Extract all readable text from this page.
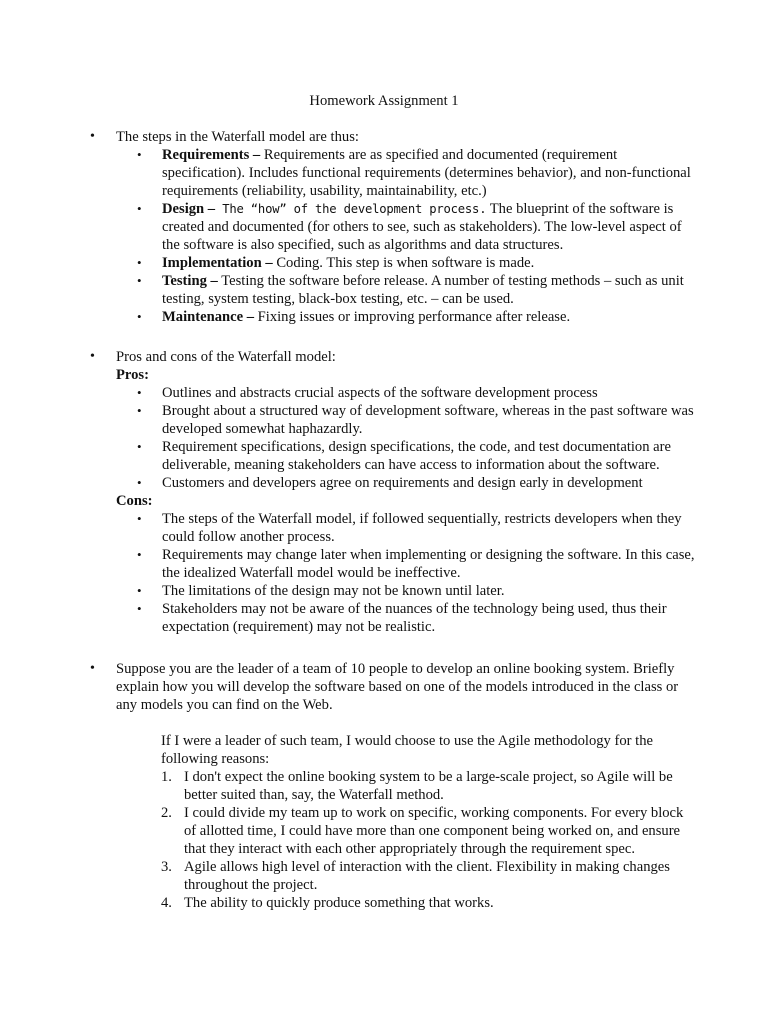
Homework Assignment 1
• The steps in the Waterfall model are thus:
• Requirements – Requirements are as specified and documented (requirement specification). Includes functional requirements (determines behavior), and non-functional requirements (reliability, usability, maintainability, etc.)
• Design – The “how” of the development process. The blueprint of the software is created and documented (for others to see, such as stakeholders). The low-level aspect of the software is also specified, such as algorithms and data structures.
• Implementation – Coding. This step is when software is made.
• Testing – Testing the software before release. A number of testing methods – such as unit testing, system testing, black-box testing, etc. – can be used.
• Maintenance – Fixing issues or improving performance after release.
• Pros and cons of the Waterfall model:
Pros:
• Outlines and abstracts crucial aspects of the software development process
• Brought about a structured way of development software, whereas in the past software was developed somewhat haphazardly.
• Requirement specifications, design specifications, the code, and test documentation are deliverable, meaning stakeholders can have access to information about the software.
• Customers and developers agree on requirements and design early in development
Cons:
• The steps of the Waterfall model, if followed sequentially, restricts developers when they could follow another process.
• Requirements may change later when implementing or designing the software. In this case, the idealized Waterfall model would be ineffective.
• The limitations of the design may not be known until later.
• Stakeholders may not be aware of the nuances of the technology being used, thus their expectation (requirement) may not be realistic.
• Suppose you are the leader of a team of 10 people to develop an online booking system. Briefly explain how you will develop the software based on one of the models introduced in the class or any models you can find on the Web.
If I were a leader of such team, I would choose to use the Agile methodology for the following reasons:
1. I don't expect the online booking system to be a large-scale project, so Agile will be better suited than, say, the Waterfall method.
2. I could divide my team up to work on specific, working components. For every block of allotted time, I could have more than one component being worked on, and ensure that they interact with each other appropriately through the requirement spec.
3. Agile allows high level of interaction with the client. Flexibility in making changes throughout the project.
4. The ability to quickly produce something that works.
